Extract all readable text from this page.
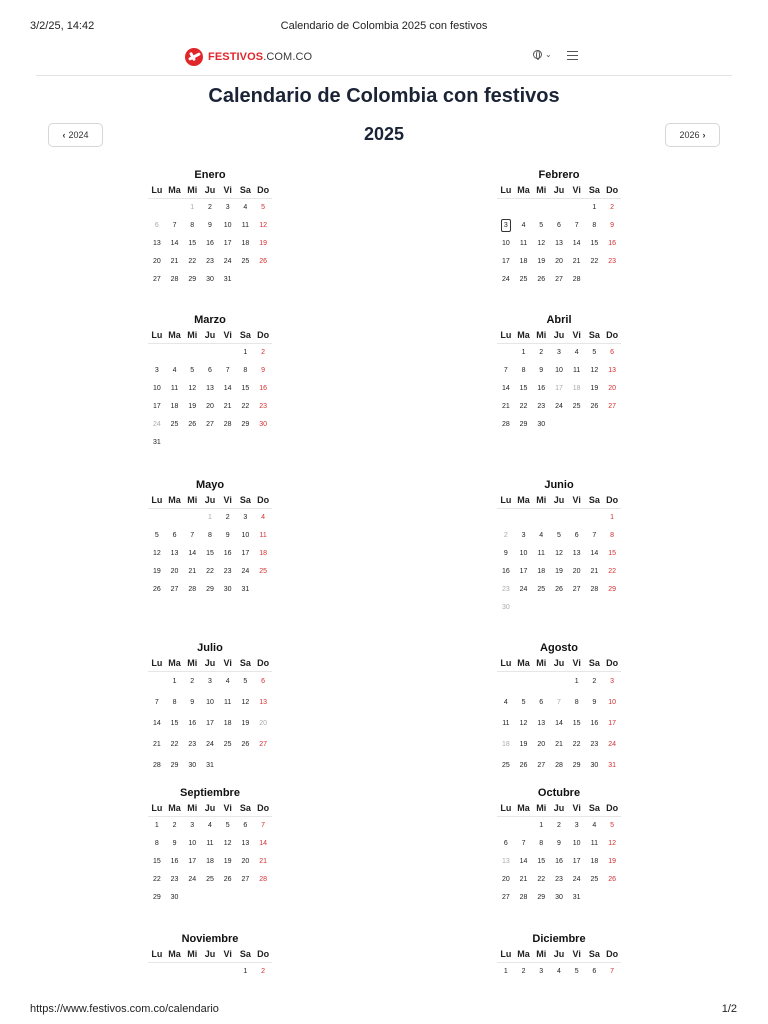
3/2/25, 14:42	Calendario de Colombia 2025 con festivos
FESTIVOS.COM.CO	⌄
Calendario de Colombia con festivos
‹ 2024	2025	2026 ›
Enero
Lu	Ma	Mi	Ju	Vi	Sa	Do
		1	2	3	4	5
6	7	8	9	10	11	12
13	14	15	16	17	18	19
20	21	22	23	24	25	26
27	28	29	30	31		
Febrero
Lu	Ma	Mi	Ju	Vi	Sa	Do
					1	2
3	4	5	6	7	8	9
10	11	12	13	14	15	16
17	18	19	20	21	22	23
24	25	26	27	28		
Marzo
Lu	Ma	Mi	Ju	Vi	Sa	Do
					1	2
3	4	5	6	7	8	9
10	11	12	13	14	15	16
17	18	19	20	21	22	23
24	25	26	27	28	29	30
31						
Abril
Lu	Ma	Mi	Ju	Vi	Sa	Do
	1	2	3	4	5	6
7	8	9	10	11	12	13
14	15	16	17	18	19	20
21	22	23	24	25	26	27
28	29	30				
Mayo
Lu	Ma	Mi	Ju	Vi	Sa	Do
			1	2	3	4
5	6	7	8	9	10	11
12	13	14	15	16	17	18
19	20	21	22	23	24	25
26	27	28	29	30	31	
Junio
Lu	Ma	Mi	Ju	Vi	Sa	Do
						1
2	3	4	5	6	7	8
9	10	11	12	13	14	15
16	17	18	19	20	21	22
23	24	25	26	27	28	29
30						
Julio
Lu	Ma	Mi	Ju	Vi	Sa	Do
	1	2	3	4	5	6
7	8	9	10	11	12	13
14	15	16	17	18	19	20
21	22	23	24	25	26	27
28	29	30	31			
Agosto
Lu	Ma	Mi	Ju	Vi	Sa	Do
				1	2	3
4	5	6	7	8	9	10
11	12	13	14	15	16	17
18	19	20	21	22	23	24
25	26	27	28	29	30	31
Septiembre
Lu	Ma	Mi	Ju	Vi	Sa	Do
1	2	3	4	5	6	7
8	9	10	11	12	13	14
15	16	17	18	19	20	21
22	23	24	25	26	27	28
29	30					
Octubre
Lu	Ma	Mi	Ju	Vi	Sa	Do
		1	2	3	4	5
6	7	8	9	10	11	12
13	14	15	16	17	18	19
20	21	22	23	24	25	26
27	28	29	30	31		
Noviembre
Lu	Ma	Mi	Ju	Vi	Sa	Do
					1	2
Diciembre
Lu	Ma	Mi	Ju	Vi	Sa	Do
1	2	3	4	5	6	7
https://www.festivos.com.co/calendario	1/2
